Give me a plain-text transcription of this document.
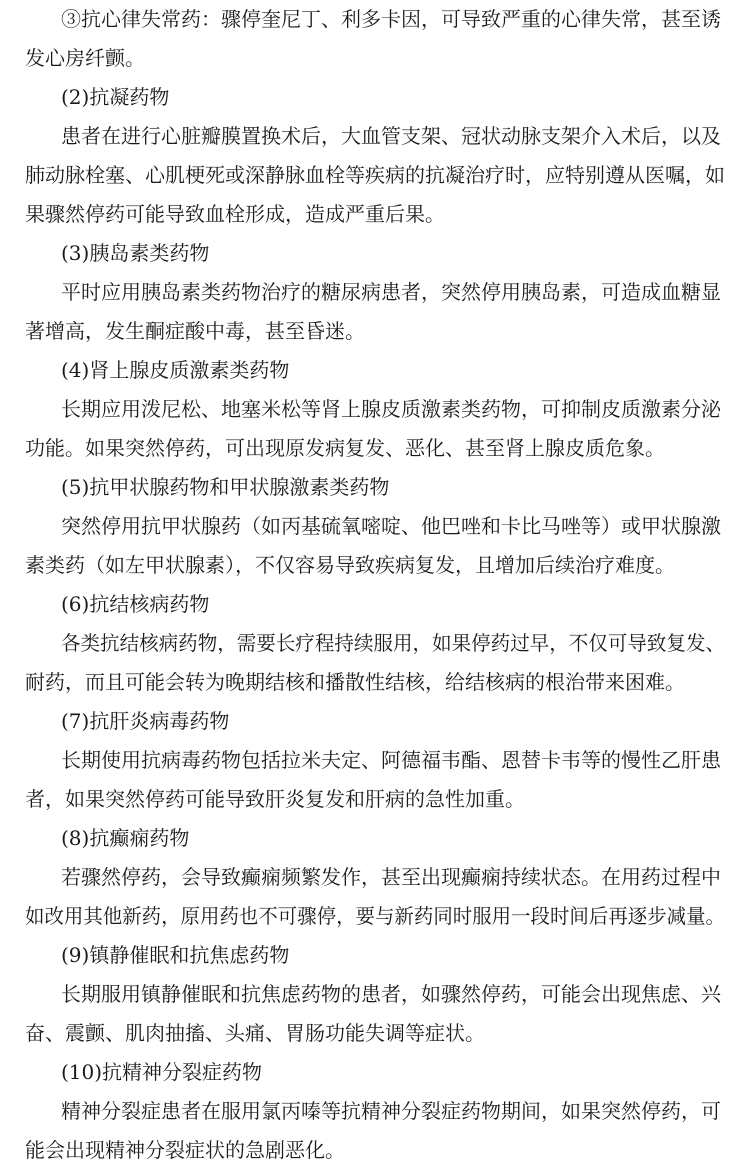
③抗心律失常药：骤停奎尼丁、利多卡因，可导致严重的心律失常，甚至诱
发心房纤颤。
(2)抗凝药物
患者在进行心脏瓣膜置换术后，大血管支架、冠状动脉支架介入术后，以及
肺动脉栓塞、心肌梗死或深静脉血栓等疾病的抗凝治疗时，应特别遵从医嘱，如
果骤然停药可能导致血栓形成，造成严重后果。
(3)胰岛素类药物
平时应用胰岛素类药物治疗的糖尿病患者，突然停用胰岛素，可造成血糖显
著增高，发生酮症酸中毒，甚至昏迷。
(4)肾上腺皮质激素类药物
长期应用泼尼松、地塞米松等肾上腺皮质激素类药物，可抑制皮质激素分泌
功能。如果突然停药，可出现原发病复发、恶化、甚至肾上腺皮质危象。
(5)抗甲状腺药物和甲状腺激素类药物
突然停用抗甲状腺药（如丙基硫氧嘧啶、他巴唑和卡比马唑等）或甲状腺激
素类药（如左甲状腺素），不仅容易导致疾病复发，且增加后续治疗难度。
(6)抗结核病药物
各类抗结核病药物，需要长疗程持续服用，如果停药过早，不仅可导致复发、
耐药，而且可能会转为晚期结核和播散性结核，给结核病的根治带来困难。
(7)抗肝炎病毒药物
长期使用抗病毒药物包括拉米夫定、阿德福韦酯、恩替卡韦等的慢性乙肝患
者，如果突然停药可能导致肝炎复发和肝病的急性加重。
(8)抗癫痫药物
若骤然停药，会导致癫痫频繁发作，甚至出现癫痫持续状态。在用药过程中
如改用其他新药，原用药也不可骤停，要与新药同时服用一段时间后再逐步减量。
(9)镇静催眠和抗焦虑药物
长期服用镇静催眠和抗焦虑药物的患者，如骤然停药，可能会出现焦虑、兴
奋、震颤、肌肉抽搐、头痛、胃肠功能失调等症状。
(10)抗精神分裂症药物
精神分裂症患者在服用氯丙嗪等抗精神分裂症药物期间，如果突然停药，可
能会出现精神分裂症状的急剧恶化。
